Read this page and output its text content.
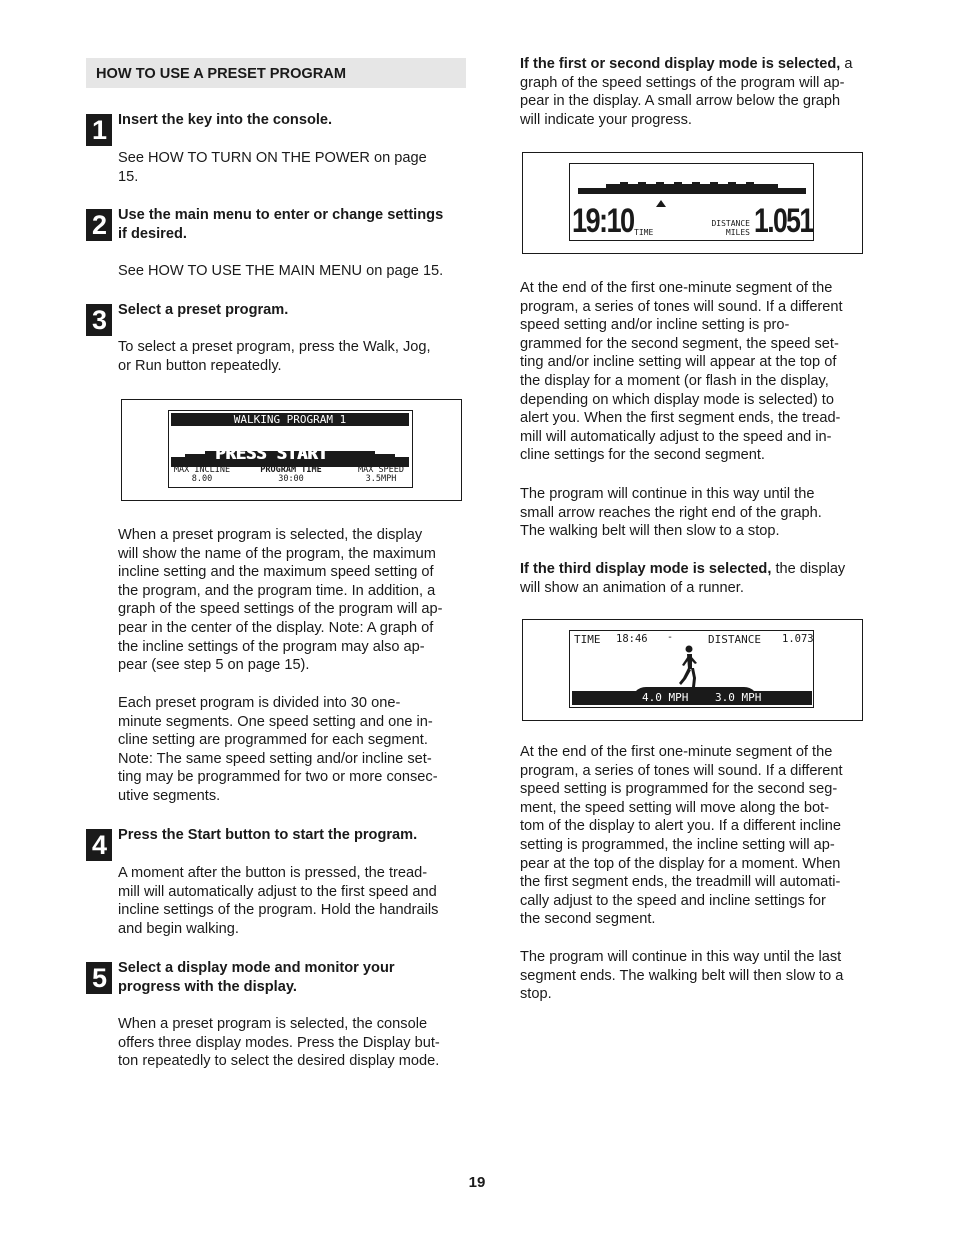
HOW TO USE A PRESET PROGRAM
1 Insert the key into the console.
See HOW TO TURN ON THE POWER on page
15.
2 Use the main menu to enter or change settings
if desired.
See HOW TO USE THE MAIN MENU on page 15.
3 Select a preset program.
To select a preset program, press the Walk, Jog,
or Run button repeatedly.
WALKING PROGRAM 1
PRESS START
MAX INCLINE
8.00
PROGRAM TIME
30:00
MAX SPEED
3.5MPH
When a preset program is selected, the display
will show the name of the program, the maximum
incline setting and the maximum speed setting of
the program, and the program time. In addition, a
graph of the speed settings of the program will ap-
pear in the center of the display. Note: A graph of
the incline settings of the program may also ap-
pear (see step 5 on page 15).
Each preset program is divided into 30 one-
minute segments. One speed setting and one in-
cline setting are programmed for each segment.
Note: The same speed setting and/or incline set-
ting may be programmed for two or more consec-
utive segments.
4 Press the Start button to start the program.
A moment after the button is pressed, the tread-
mill will automatically adjust to the first speed and
incline settings of the program. Hold the handrails
and begin walking.
5 Select a display mode and monitor your
progress with the display.
When a preset program is selected, the console
offers three display modes. Press the Display but-
ton repeatedly to select the desired display mode.
If the first or second display mode is selected, a
graph of the speed settings of the program will ap-
pear in the display. A small arrow below the graph
will indicate your progress.
19:10 TIME
DISTANCE
MILES 1.051
At the end of the first one-minute segment of the
program, a series of tones will sound. If a different
speed setting and/or incline setting is pro-
grammed for the second segment, the speed set-
ting and/or incline setting will appear at the top of
the display for a moment (or flash in the display,
depending on which display mode is selected) to
alert you. When the first segment ends, the tread-
mill will automatically adjust to the speed and in-
cline settings for the second segment.
The program will continue in this way until the
small arrow reaches the right end of the graph.
The walking belt will then slow to a stop.
If the third display mode is selected, the display
will show an animation of a runner.
TIME 18:46 -	DISTANCE 1.073
4.0 MPH 3.0 MPH
At the end of the first one-minute segment of the
program, a series of tones will sound. If a different
speed setting is programmed for the second seg-
ment, the speed setting will move along the bot-
tom of the display to alert you. If a different incline
setting is programmed, the incline setting will ap-
pear at the top of the display for a moment. When
the first segment ends, the treadmill will automati-
cally adjust to the speed and incline settings for
the second segment.
The program will continue in this way until the last
segment ends. The walking belt will then slow to a
stop.
19
